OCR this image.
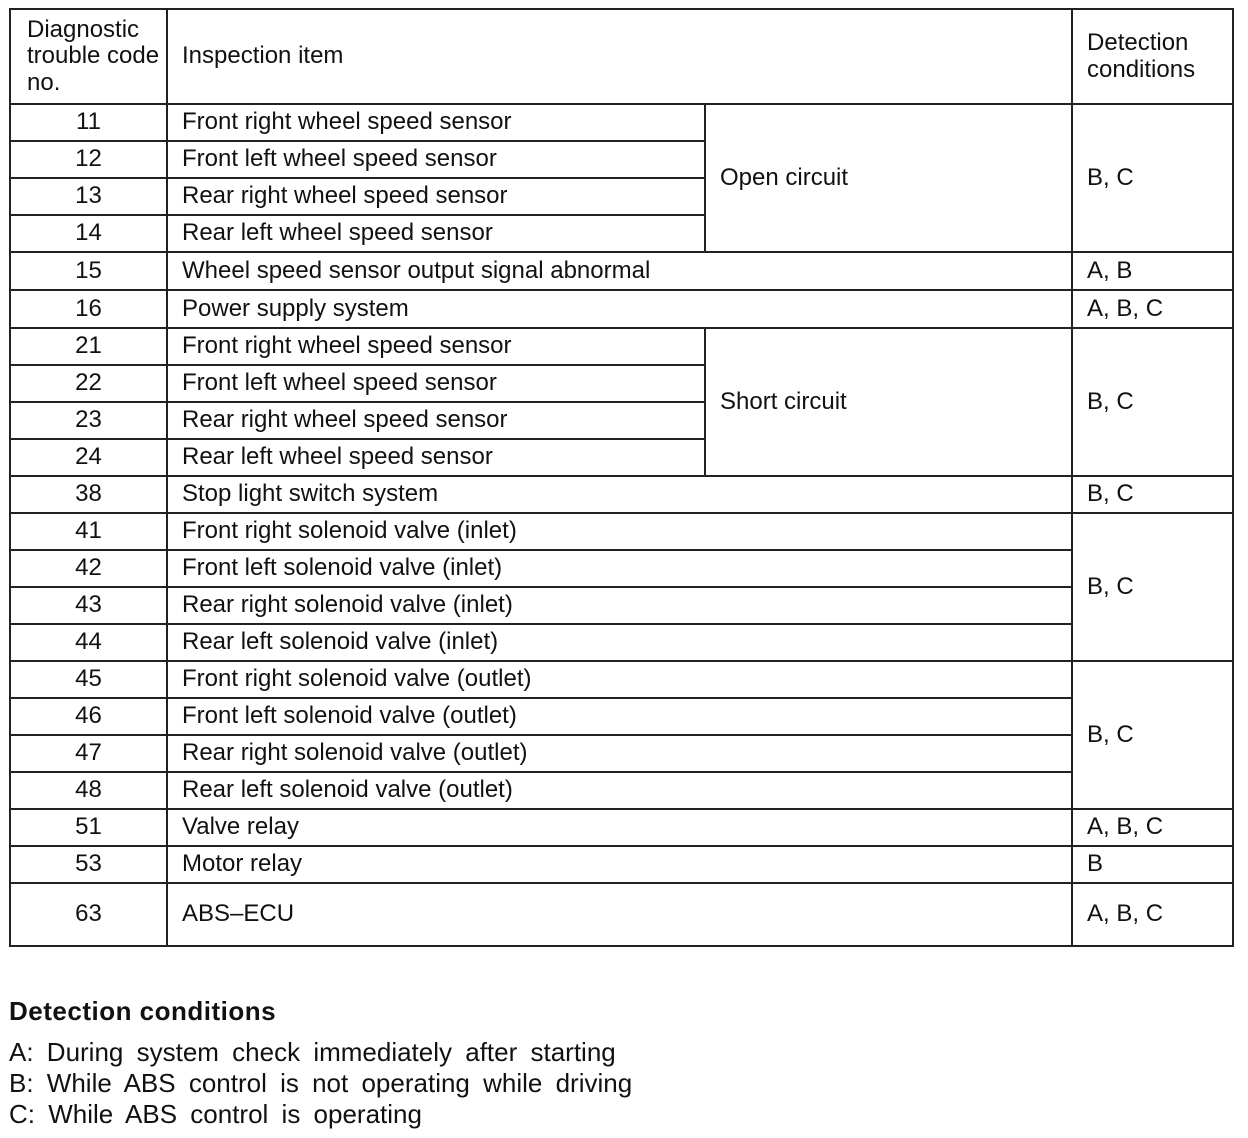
Diagnostic trouble code no.	Inspection item		Detection conditions
11	Front right wheel speed sensor	Open circuit	B, C
12	Front left wheel speed sensor		
13	Rear right wheel speed sensor		
14	Rear left wheel speed sensor		
15	Wheel speed sensor output signal abnormal		A, B
16	Power supply system		A, B, C
21	Front right wheel speed sensor	Short circuit	B, C
22	Front left wheel speed sensor		
23	Rear right wheel speed sensor		
24	Rear left wheel speed sensor		
38	Stop light switch system		B, C
41	Front right solenoid valve (inlet)		B, C
42	Front left solenoid valve (inlet)		
43	Rear right solenoid valve (inlet)		
44	Rear left solenoid valve (inlet)		
45	Front right solenoid valve (outlet)		B, C
46	Front left solenoid valve (outlet)		
47	Rear right solenoid valve (outlet)		
48	Rear left solenoid valve (outlet)		
51	Valve relay		A, B, C
53	Motor relay		B
63	ABS–ECU		A, B, C
Detection conditions
A: During system check immediately after starting
B: While ABS control is not operating while driving
C: While ABS control is operating
